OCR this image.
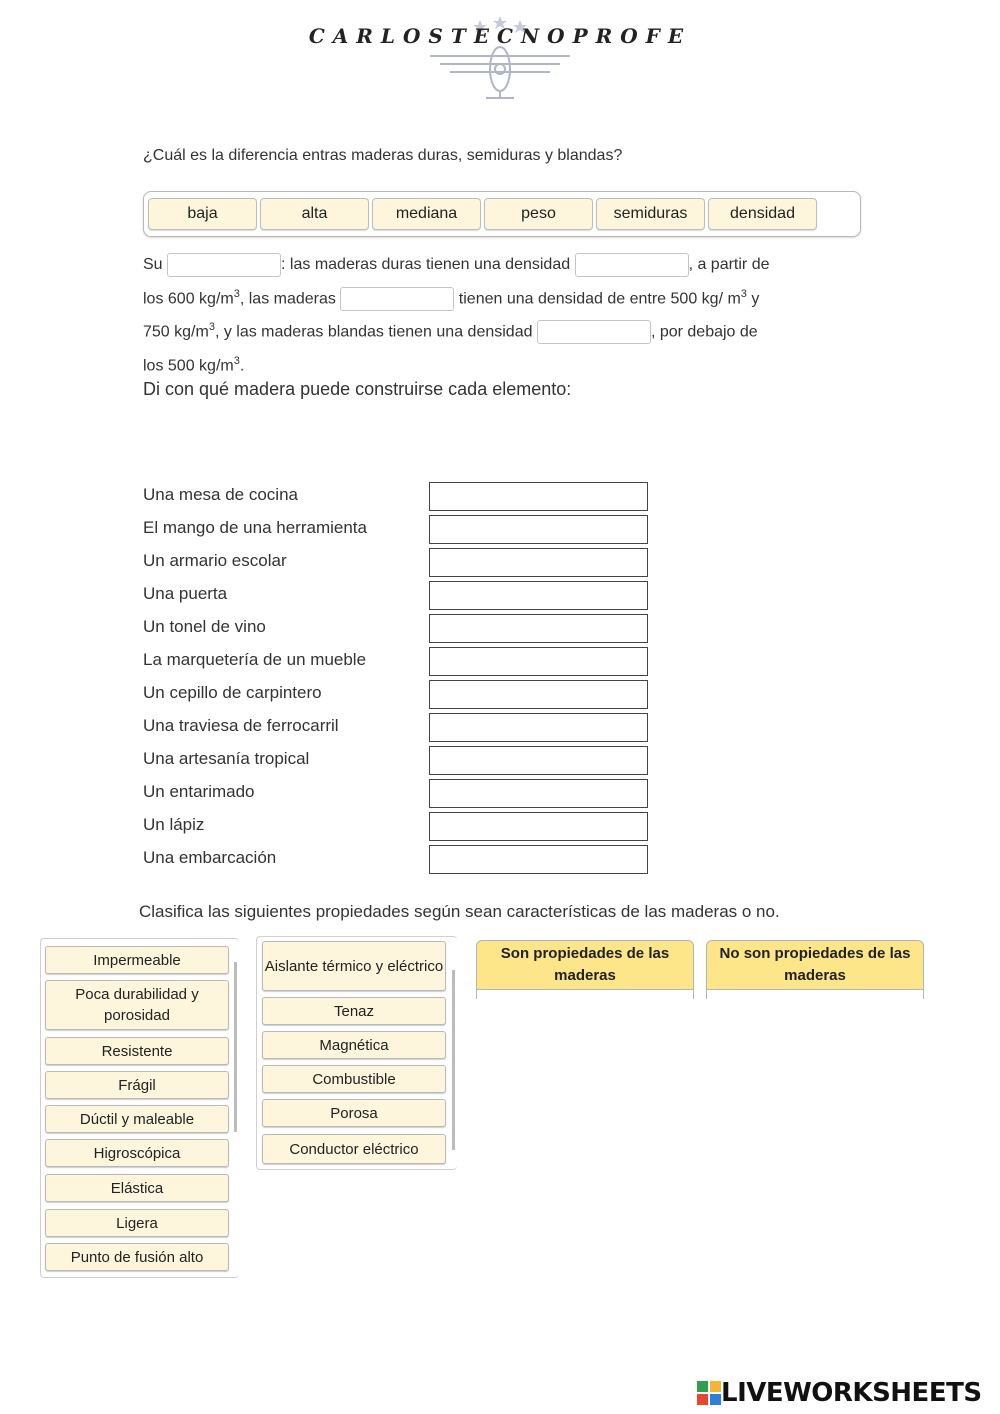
CARLOSTECNOPROFE
¿Cuál es la diferencia entras maderas duras, semiduras y blandas?
baja	alta	mediana	peso	semiduras	densidad
Su	: las maderas duras tienen una densidad	, a partir de
los 600 $kg/m^3$, las maderas	tienen una densidad de entre 500 kg/ $m^3$ y
750 $kg/m^3$, y las maderas blandas tienen una densidad	, por debajo de
los 500 $kg/m^3$.
Di con qué madera puede construirse cada elemento:
Una mesa de cocina
El mango de una herramienta
Un armario escolar
Una puerta
Un tonel de vino
La marquetería de un mueble
Un cepillo de carpintero
Una traviesa de ferrocarril
Una artesanía tropical
Un entarimado
Un lápiz
Una embarcación
Clasifica las siguientes propiedades según sean características de las maderas o no.
Impermeable
Poca durabilidad y porosidad
Resistente
Frágil
Dúctil y maleable
Higroscópica
Elástica
Ligera
Punto de fusión alto
Aislante térmico y eléctrico
Tenaz
Magnética
Combustible
Porosa
Conductor eléctrico
Son propiedades de las maderas
No son propiedades de las maderas
LIVEWORKSHEETS
